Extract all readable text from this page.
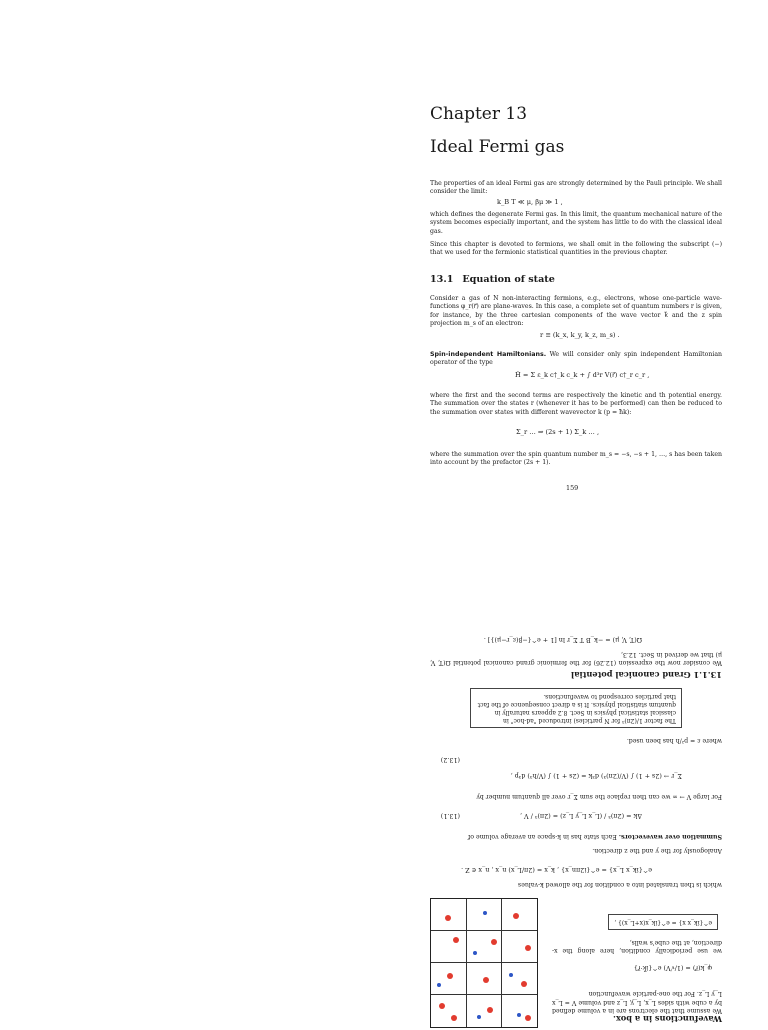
Chapter 13
Ideal Fermi gas
The properties of an ideal Fermi gas are strongly determined by the Pauli principle. We shall consider the limit:
k_B T ≪ μ, βμ ≫ 1 ,
which defines the degenerate Fermi gas. In this limit, the quantum mechanical nature of the system becomes especially important, and the system has little to do with the classical ideal gas.
Since this chapter is devoted to fermions, we shall omit in the following the subscript (−) that we used for the fermionic statistical quantities in the previous chapter.
13.1 Equation of state
Consider a gas of N non-interacting fermions, e.g., electrons, whose one-particle wave-functions φ_r(r⃗) are plane-waves. In this case, a complete set of quantum numbers r is given, for instance, by the three cartesian components of the wave vector k⃗ and the z spin projection m_s of an electron:
r ≡ (k_x, k_y, k_z, m_s) .
Spin-independent Hamiltonians. We will consider only spin independent Hamiltonian operator of the type
Ĥ = Σ ε_k c†_k c_k + ∫ d³r V(r⃗) c†_r c_r ,
where the first and the second terms are respectively the kinetic and th potential energy. The summation over the states r (whenever it has to be performed) can then be reduced to the summation over states with different wavevector k (p = ħk):
Σ_r … ⇒ (2s + 1) Σ_k … ,
where the summation over the spin quantum number m_s = −s, −s + 1, …, s has been taken into account by the prefactor (2s + 1).
159
Wavefunctions in a box.
We assume that the electrons are in a volume defined by a cube with sides L_x, L_y, L_z and volume V = L_x L_y L_z. For the one-particle wavefunction
φ_k(r⃗) = (1/√V) e^{ik⃗·r⃗}
we use periodically condition, here along the x-direction, at the cube's walls,
e^{ik_x x} = e^{ik_x(x+L_x)} ,
which is then translated into a condition for the allowed k-values
e^{ik_x L_x} = e^{i2πn_x} , k_x = (2π/L_x) n_x , n_x ∈ Z .
Analogously for the y and the z direction.
Summation over wavevectors. Each state has in k-space an average volume of
Δk = (2π)³ / (L_x L_y L_z) = (2π)³ / V ,
(13.1)
For large V → ∞ we can then replace the sum Σ_r over all quantum number by
Σ_r → (2s + 1) ∫ (V/(2π)³) d³k = (2s + 1) ∫ (V/h³) d³p ,
(13.2)
where ε = p²/h has been used.
The factor 1/(2π)³ for N particles) introduced "ad-hoc" in classical statistical physics in Sect. 8.2 appears naturally in quantum statistical physics. It is a direct consequence of the fact that particles correspond to wavefunctions.
13.1.1 Grand canonical potential
We consider now the expression (12.26) for the fermionic grand canonical potential Ω(T, V, μ) that we derived in Sect. 12.3,
Ω(T, V, μ) = −k_B T Σ_r ln [1 + e^{−β(ε_r−μ)}] .
